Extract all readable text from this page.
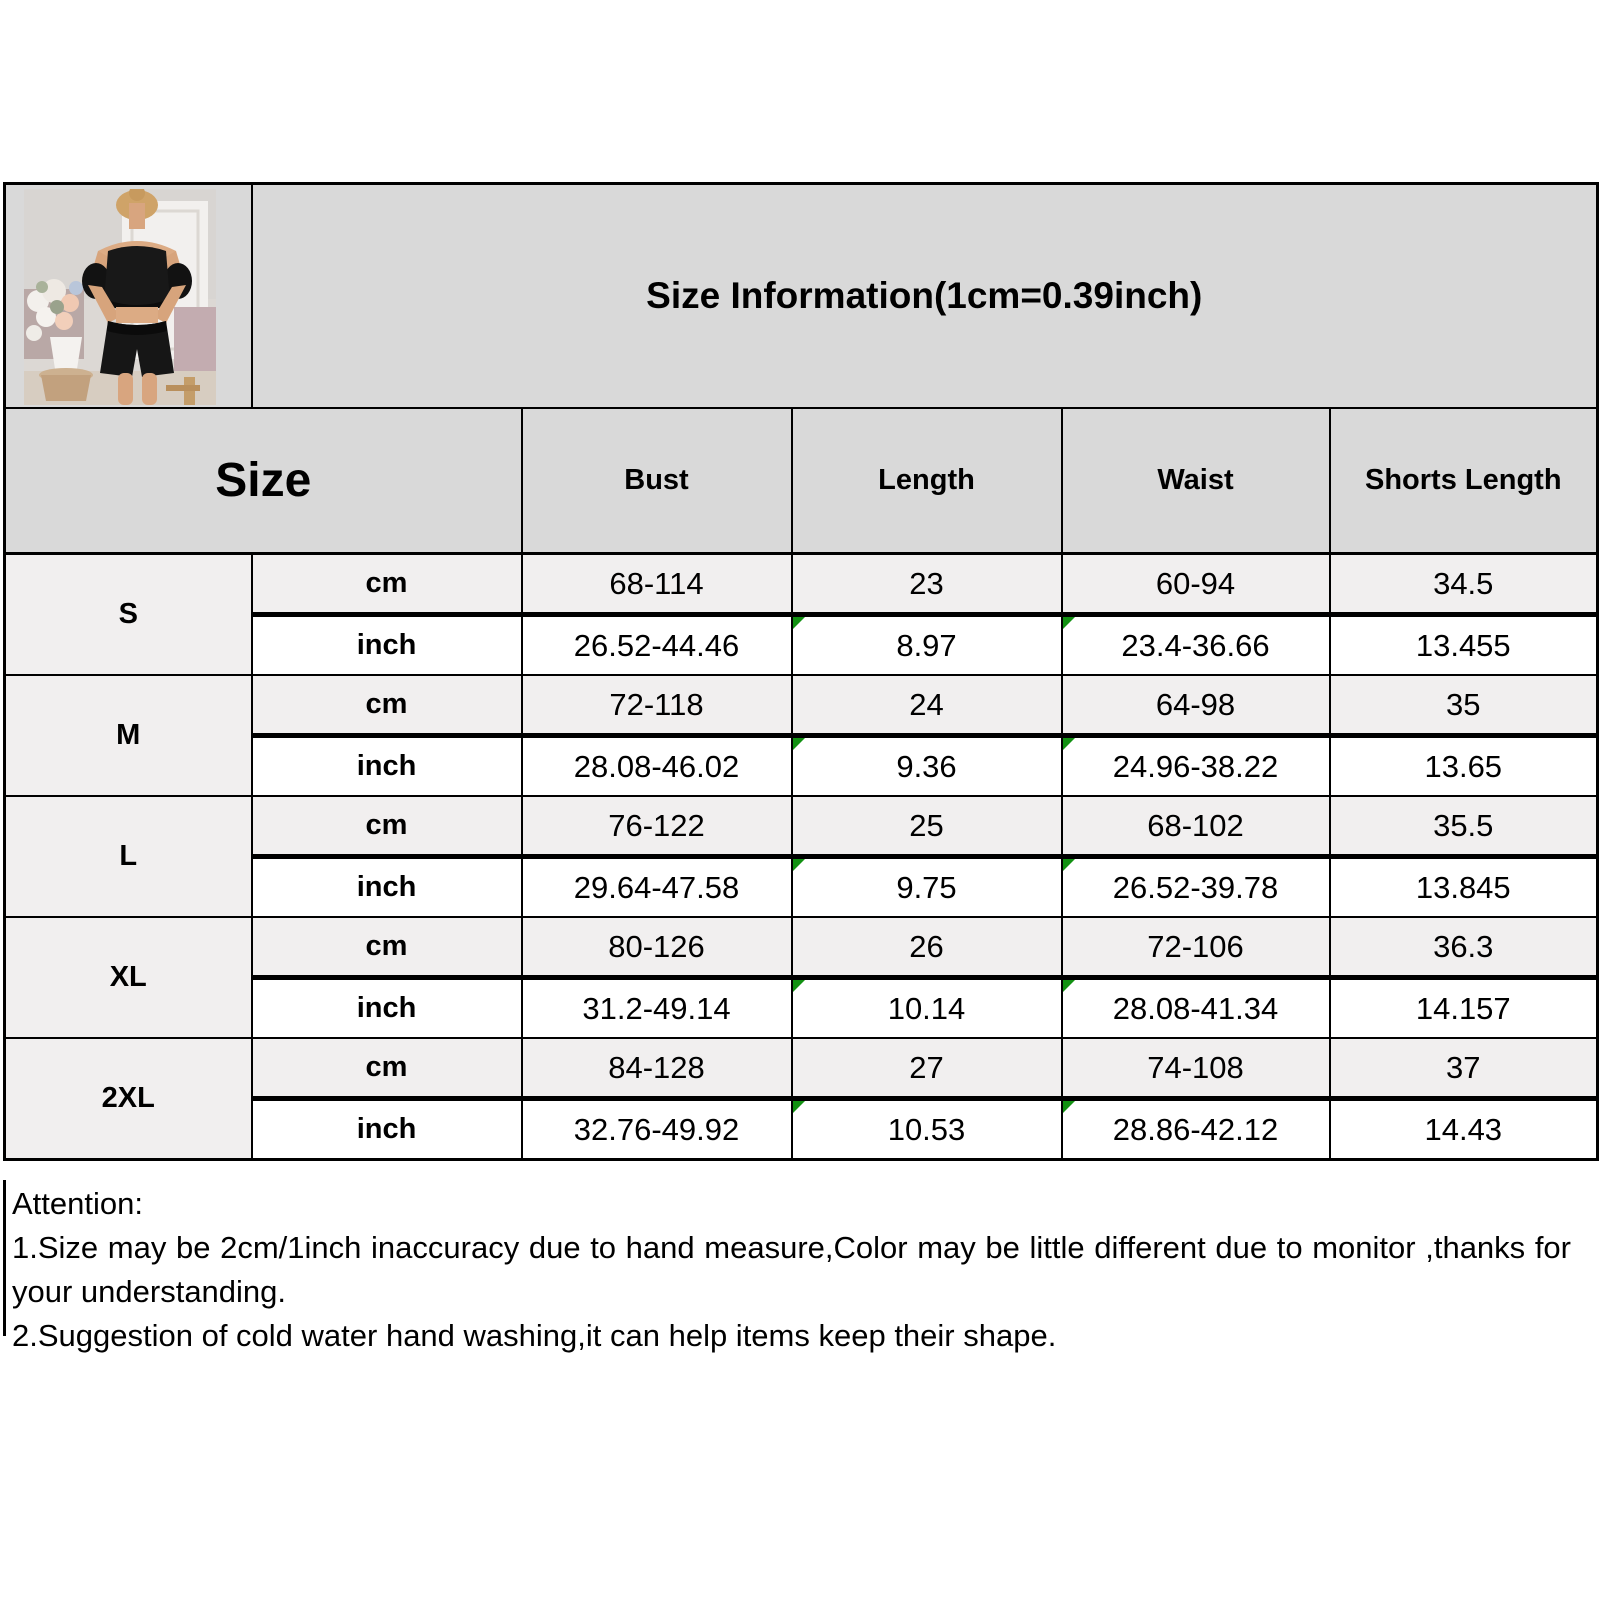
	Size Information(1cm=0.39inch)				
Size		Bust	Length	Waist	Shorts Length
S	cm	68-114	23	60-94	34.5
	inch	26.52-44.46	8.97	23.4-36.66	13.455
M	cm	72-118	24	64-98	35
	inch	28.08-46.02	9.36	24.96-38.22	13.65
L	cm	76-122	25	68-102	35.5
	inch	29.64-47.58	9.75	26.52-39.78	13.845
XL	cm	80-126	26	72-106	36.3
	inch	31.2-49.14	10.14	28.08-41.34	14.157
2XL	cm	84-128	27	74-108	37
	inch	32.76-49.92	10.53	28.86-42.12	14.43

Attention:

1.Size may be 2cm/1inch inaccuracy due to hand measure,Color may be little different due to monitor ,thanks for your understanding.

2.Suggestion of cold water hand washing,it can help items keep their shape.
